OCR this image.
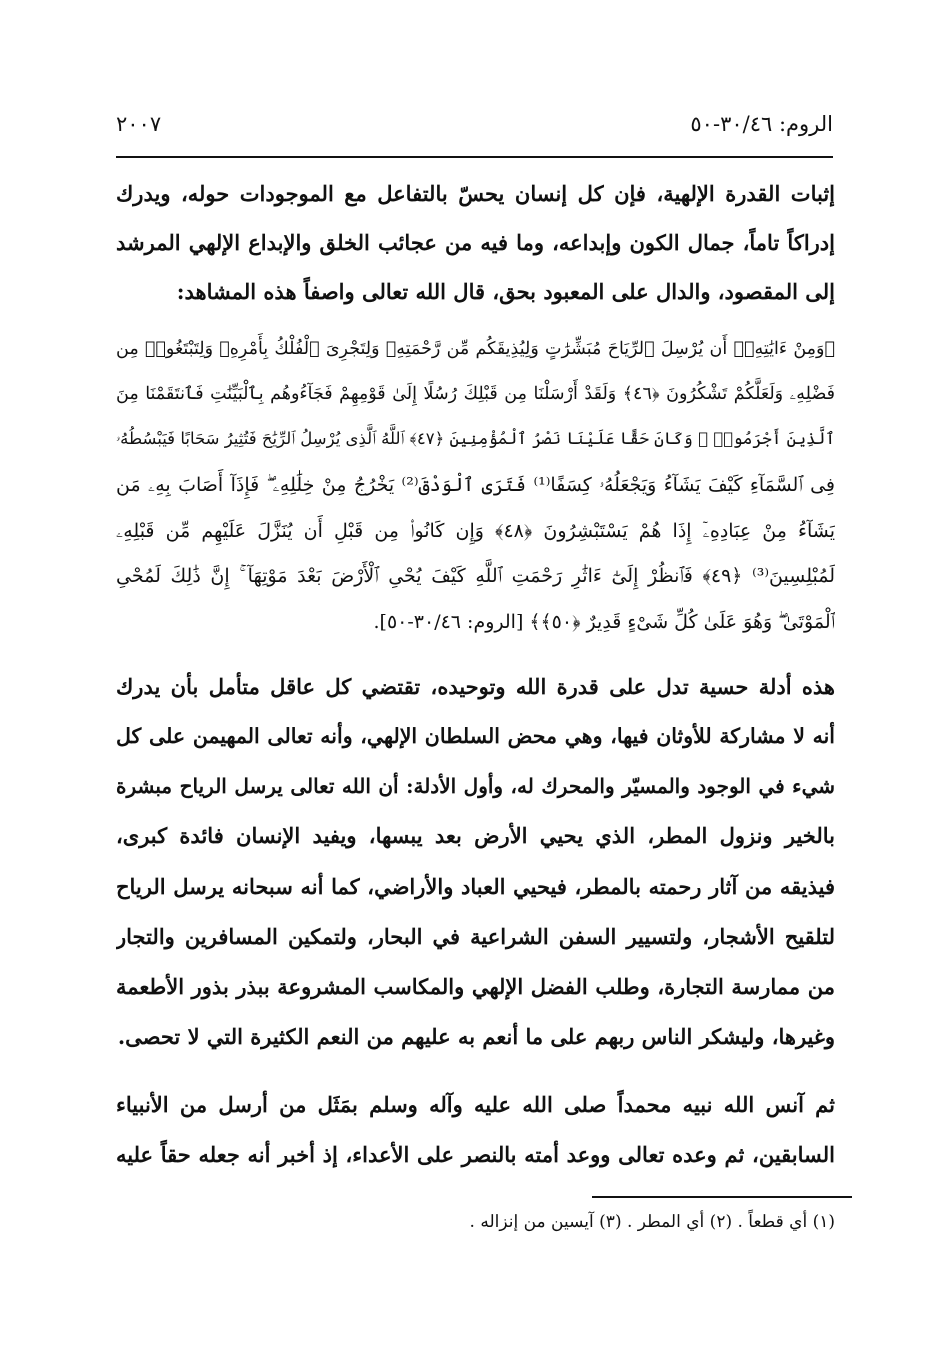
الروم: ٣٠/٤٦-٥٠
٢٠٠٧
إثبات القدرة الإلهية، فإن كل إنسان يحسّ بالتفاعل مع الموجودات حوله، ويدرك
إدراكاً تاماً، جمال الكون وإبداعه، وما فيه من عجائب الخلق والإبداع الإلهي المرشد
إلى المقصود، والدال على المعبود بحق، قال الله تعالى واصفاً هذه المشاهد:
﴿وَمِنْ ءَايَٰتِهِۦٓ أَن يُرْسِلَ ٱلرِّيَاحَ مُبَشِّرَٰتٍ وَلِيُذِيقَكُم مِّن رَّحْمَتِهِۦ وَلِتَجْرِىَ ٱلْفُلْكُ بِأَمْرِهِۦ وَلِتَبْتَغُوا۟ مِن
فَضْلِهِۦ وَلَعَلَّكُمْ تَشْكُرُونَ ﴿٤٦﴾ وَلَقَدْ أَرْسَلْنَا مِن قَبْلِكَ رُسُلًا إِلَىٰ قَوْمِهِمْ فَجَآءُوهُم بِٱلْبَيِّنَٰتِ فَٱنتَقَمْنَا مِنَ
ٱلَّذِينَ أَجْرَمُوا۟ ۖ وَكَانَ حَقًّا عَلَيْنَا نَصْرُ ٱلْمُؤْمِنِينَ ﴿٤٧﴾ ٱللَّهُ ٱلَّذِى يُرْسِلُ ٱلرِّيَٰحَ فَتُثِيرُ سَحَابًا فَيَبْسُطُهُۥ
فِى ٱلسَّمَآءِ كَيْفَ يَشَآءُ وَيَجْعَلُهُۥ كِسَفًا⁽¹⁾ فَتَرَى ٱلْوَدْقَ⁽²⁾ يَخْرُجُ مِنْ خِلَٰلِهِۦ ۖ فَإِذَآ أَصَابَ بِهِۦ مَن
يَشَآءُ مِنْ عِبَادِهِۦٓ إِذَا هُمْ يَسْتَبْشِرُونَ ﴿٤٨﴾ وَإِن كَانُوا۟ مِن قَبْلِ أَن يُنَزَّلَ عَلَيْهِم مِّن قَبْلِهِۦ
لَمُبْلِسِينَ⁽³⁾ ﴿٤٩﴾ فَٱنظُرْ إِلَىٰٓ ءَاثَٰرِ رَحْمَتِ ٱللَّهِ كَيْفَ يُحْىِ ٱلْأَرْضَ بَعْدَ مَوْتِهَآ ۚ إِنَّ ذَٰلِكَ لَمُحْىِ
ٱلْمَوْتَىٰ ۖ وَهُوَ عَلَىٰ كُلِّ شَىْءٍ قَدِيرٌ ﴿٥٠﴾﴾ [الروم: ٣٠/٤٦-٥٠].
هذه أدلة حسية تدل على قدرة الله وتوحيده، تقتضي كل عاقل متأمل بأن يدرك
أنه لا مشاركة للأوثان فيها، وهي محض السلطان الإلهي، وأنه تعالى المهيمن على كل
شيء في الوجود والمسيّر والمحرك له، وأول الأدلة: أن الله تعالى يرسل الرياح مبشرة
بالخير ونزول المطر، الذي يحيي الأرض بعد يبسها، ويفيد الإنسان فائدة كبرى،
فيذيقه من آثار رحمته بالمطر، فيحيي العباد والأراضي، كما أنه سبحانه يرسل الرياح
لتلقيح الأشجار، ولتسيير السفن الشراعية في البحار، ولتمكين المسافرين والتجار
من ممارسة التجارة، وطلب الفضل الإلهي والمكاسب المشروعة ببذر بذور الأطعمة
وغيرها، وليشكر الناس ربهم على ما أنعم به عليهم من النعم الكثيرة التي لا تحصى.
ثم آنس الله نبيه محمداً صلى الله عليه وآله وسلم بمَثَل من أرسل من الأنبياء
السابقين، ثم وعده تعالى ووعد أمته بالنصر على الأعداء، إذ أخبر أنه جعله حقاً عليه
(١) أي قطعاً . (٢) أي المطر . (٣) آيسين من إنزاله .
